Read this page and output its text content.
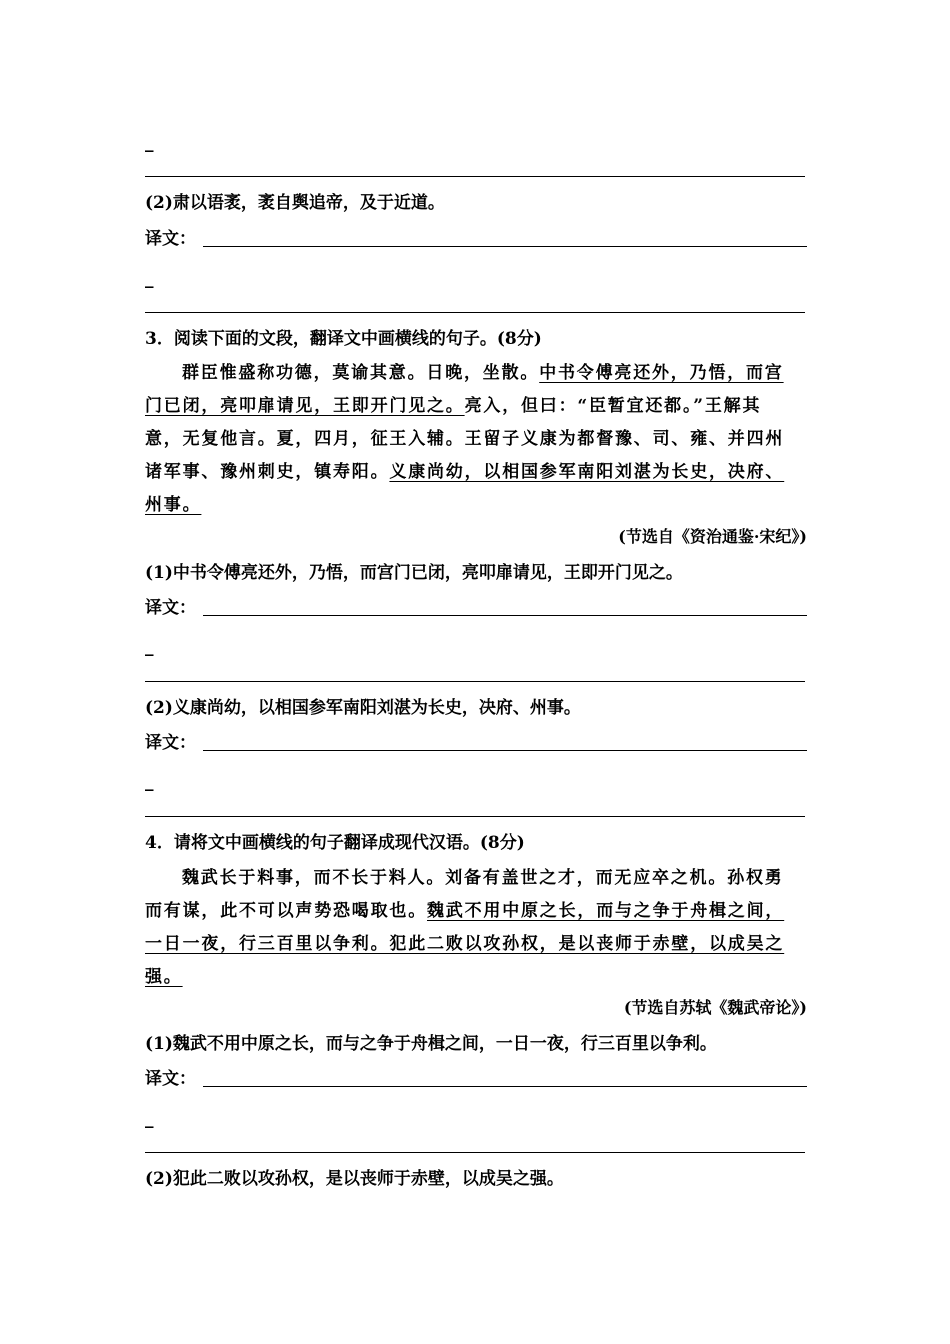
_
(2)肃以语袤，袤自舆追帝，及于近道。
译文：
_
3．阅读下面的文段，翻译文中画横线的句子。(8分)
群臣惟盛称功德，莫谕其意。日晚，坐散。中书令傅亮还外，乃悟，而宫
门已闭，亮叩扉请见，王即开门见之。亮入，但曰：“臣暂宜还都。”王解其
意，无复他言。夏，四月，征王入辅。王留子义康为都督豫、司、雍、并四州
诸军事、豫州刺史，镇寿阳。义康尚幼，以相国参军南阳刘湛为长史，决府、
州事。
(节选自《资治通鉴·宋纪》)
(1)中书令傅亮还外，乃悟，而宫门已闭，亮叩扉请见，王即开门见之。
译文：
_
(2)义康尚幼，以相国参军南阳刘湛为长史，决府、州事。
译文：
_
4．请将文中画横线的句子翻译成现代汉语。(8分)
魏武长于料事，而不长于料人。刘备有盖世之才，而无应卒之机。孙权勇
而有谋，此不可以声势恐喝取也。魏武不用中原之长，而与之争于舟楫之间，
一日一夜，行三百里以争利。犯此二败以攻孙权，是以丧师于赤壁，以成吴之
强。
(节选自苏轼《魏武帝论》)
(1)魏武不用中原之长，而与之争于舟楫之间，一日一夜，行三百里以争利。
译文：
_
(2)犯此二败以攻孙权，是以丧师于赤壁，以成吴之强。
